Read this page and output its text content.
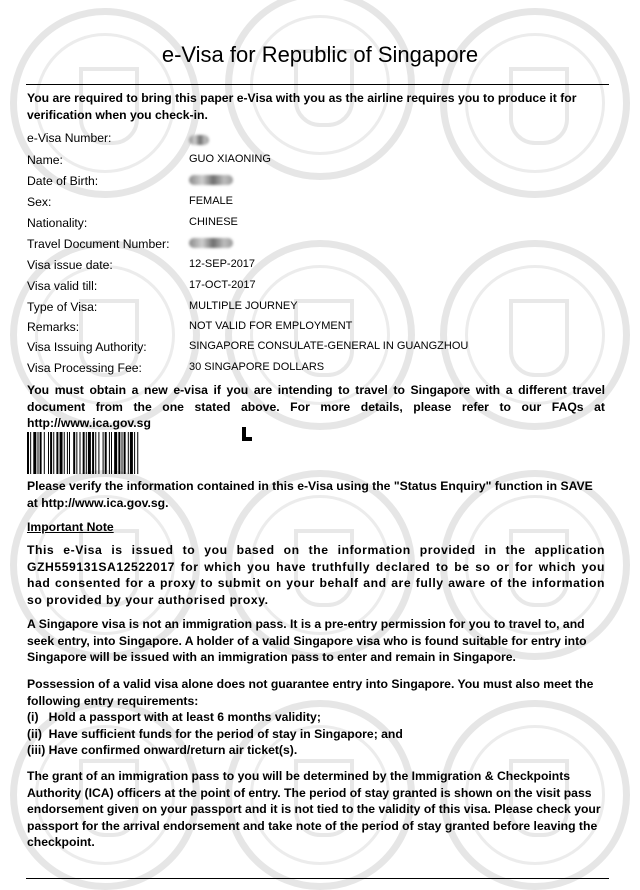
e-Visa for Republic of Singapore

You are required to bring this paper e-Visa with you as the airline requires you to produce it for verification when you check-in.

e-Visa Number:
Name:	GUO XIAONING
Date of Birth:
Sex:	FEMALE
Nationality:	CHINESE
Travel Document Number:
Visa issue date:	12-SEP-2017
Visa valid till:	17-OCT-2017
Type of Visa:	MULTIPLE JOURNEY
Remarks:	NOT VALID FOR EMPLOYMENT
Visa Issuing Authority:	SINGAPORE CONSULATE-GENERAL IN GUANGZHOU
Visa Processing Fee:	30 SINGAPORE DOLLARS

You must obtain a new e-visa if you are intending to travel to Singapore with a different travel document from the one stated above. For more details, please refer to our FAQs at http://www.ica.gov.sg

Please verify the information contained in this e-Visa using the "Status Enquiry" function in SAVE at http://www.ica.gov.sg.

Important Note

This e-Visa is issued to you based on the information provided in the application GZH559131SA12522017 for which you have truthfully declared to be so or for which you had consented for a proxy to submit on your behalf and are fully aware of the information so provided by your authorised proxy.

A Singapore visa is not an immigration pass. It is a pre-entry permission for you to travel to, and seek entry, into Singapore. A holder of a valid Singapore visa who is found suitable for entry into Singapore will be issued with an immigration pass to enter and remain in Singapore.

Possession of a valid visa alone does not guarantee entry into Singapore. You must also meet the following entry requirements:
(i)   Hold a passport with at least 6 months validity;
(ii)  Have sufficient funds for the period of stay in Singapore; and
(iii) Have confirmed onward/return air ticket(s).

The grant of an immigration pass to you will be determined by the Immigration & Checkpoints Authority (ICA) officers at the point of entry. The period of stay granted is shown on the visit pass endorsement given on your passport and it is not tied to the validity of this visa. Please check your passport for the arrival endorsement and take note of the period of stay granted before leaving the checkpoint.
